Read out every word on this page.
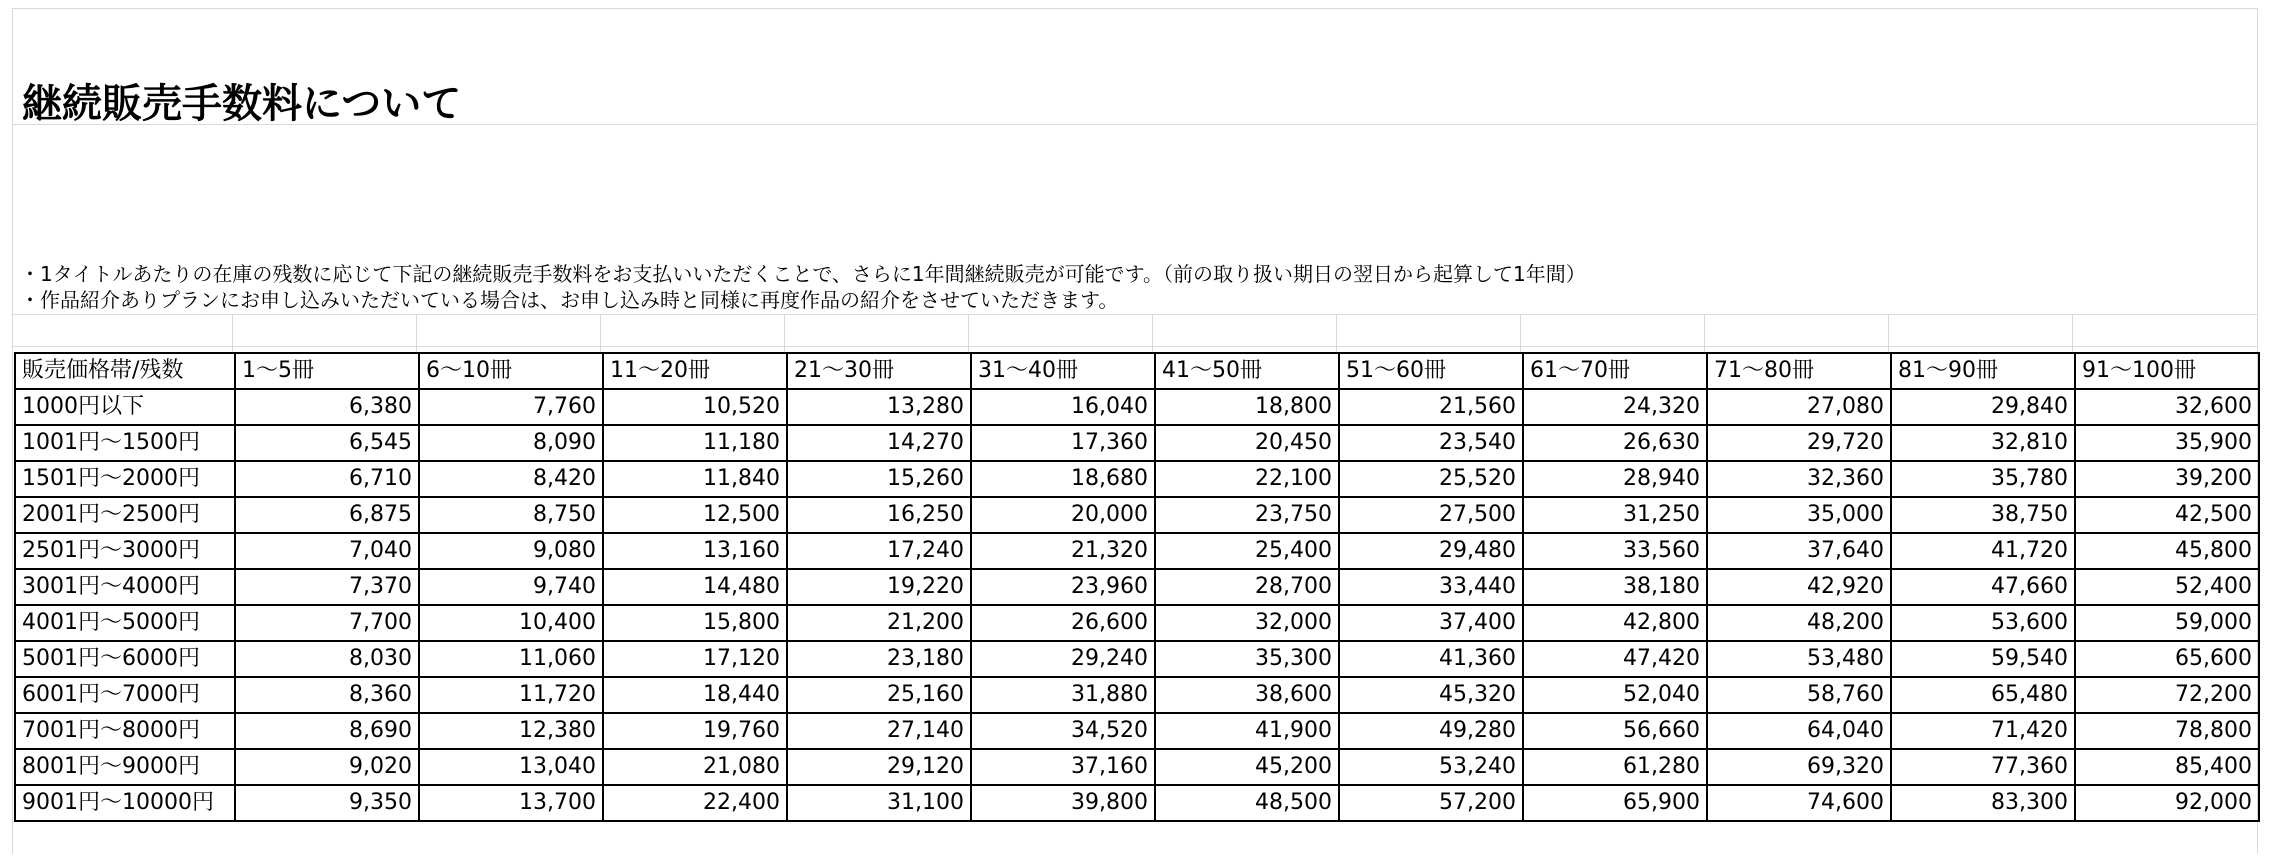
継続販売手数料について
・1タイトルあたりの在庫の残数に応じて下記の継続販売手数料をお支払いいただくことで、さらに1年間継続販売が可能です。（前の取り扱い期日の翌日から起算して1年間）
・作品紹介ありプランにお申し込みいただいている場合は、お申し込み時と同様に再度作品の紹介をさせていただきます。
販売価格帯/残数	1～5冊	6～10冊	11～20冊	21～30冊	31～40冊	41～50冊	51～60冊	61～70冊	71～80冊	81～90冊	91～100冊
1000円以下	6,380	7,760	10,520	13,280	16,040	18,800	21,560	24,320	27,080	29,840	32,600
1001円～1500円	6,545	8,090	11,180	14,270	17,360	20,450	23,540	26,630	29,720	32,810	35,900
1501円～2000円	6,710	8,420	11,840	15,260	18,680	22,100	25,520	28,940	32,360	35,780	39,200
2001円～2500円	6,875	8,750	12,500	16,250	20,000	23,750	27,500	31,250	35,000	38,750	42,500
2501円～3000円	7,040	9,080	13,160	17,240	21,320	25,400	29,480	33,560	37,640	41,720	45,800
3001円～4000円	7,370	9,740	14,480	19,220	23,960	28,700	33,440	38,180	42,920	47,660	52,400
4001円～5000円	7,700	10,400	15,800	21,200	26,600	32,000	37,400	42,800	48,200	53,600	59,000
5001円～6000円	8,030	11,060	17,120	23,180	29,240	35,300	41,360	47,420	53,480	59,540	65,600
6001円～7000円	8,360	11,720	18,440	25,160	31,880	38,600	45,320	52,040	58,760	65,480	72,200
7001円～8000円	8,690	12,380	19,760	27,140	34,520	41,900	49,280	56,660	64,040	71,420	78,800
8001円～9000円	9,020	13,040	21,080	29,120	37,160	45,200	53,240	61,280	69,320	77,360	85,400
9001円～10000円	9,350	13,700	22,400	31,100	39,800	48,500	57,200	65,900	74,600	83,300	92,000
